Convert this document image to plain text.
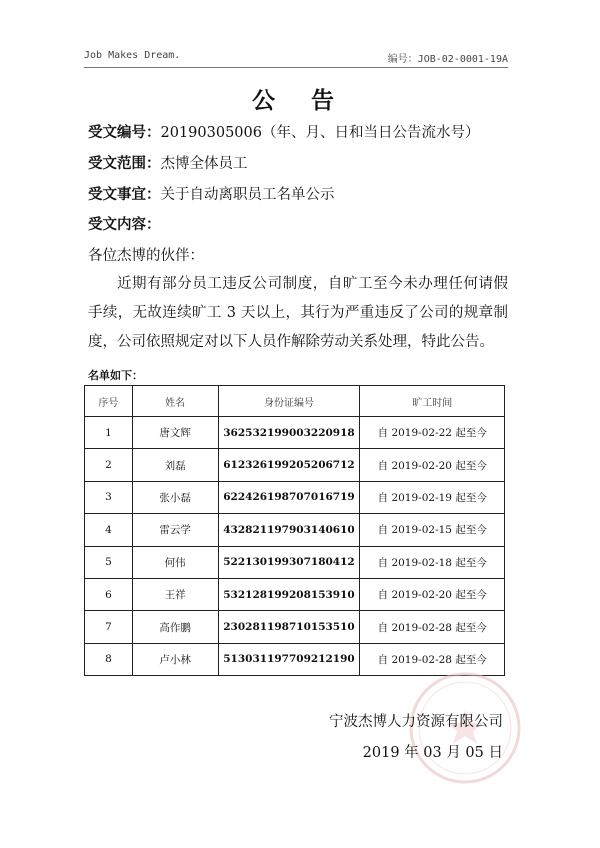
Job Makes Dream.	编号：JOB-02-0001-19A
公 告
受文编号：20190305006（年、月、日和当日公告流水号）
受文范围：杰博全体员工
受文事宜：关于自动离职员工名单公示
受文内容：
各位杰博的伙伴：
近期有部分员工违反公司制度，自旷工至今未办理任何请假手续，无故连续旷工 3 天以上，其行为严重违反了公司的规章制度，公司依照规定对以下人员作解除劳动关系处理，特此公告。
名单如下：
序号	姓名	身份证编号	旷工时间
1	唐文辉	362532199003220918	自 2019-02-22 起至今
2	刘磊	612326199205206712	自 2019-02-20 起至今
3	张小磊	622426198707016719	自 2019-02-19 起至今
4	雷云学	432821197903140610	自 2019-02-15 起至今
5	何伟	522130199307180412	自 2019-02-18 起至今
6	王祥	532128199208153910	自 2019-02-20 起至今
7	高作鹏	230281198710153510	自 2019-02-28 起至今
8	卢小林	513031197709212190	自 2019-02-28 起至今
宁波杰博人力资源有限公司
2019 年 03 月 05 日
